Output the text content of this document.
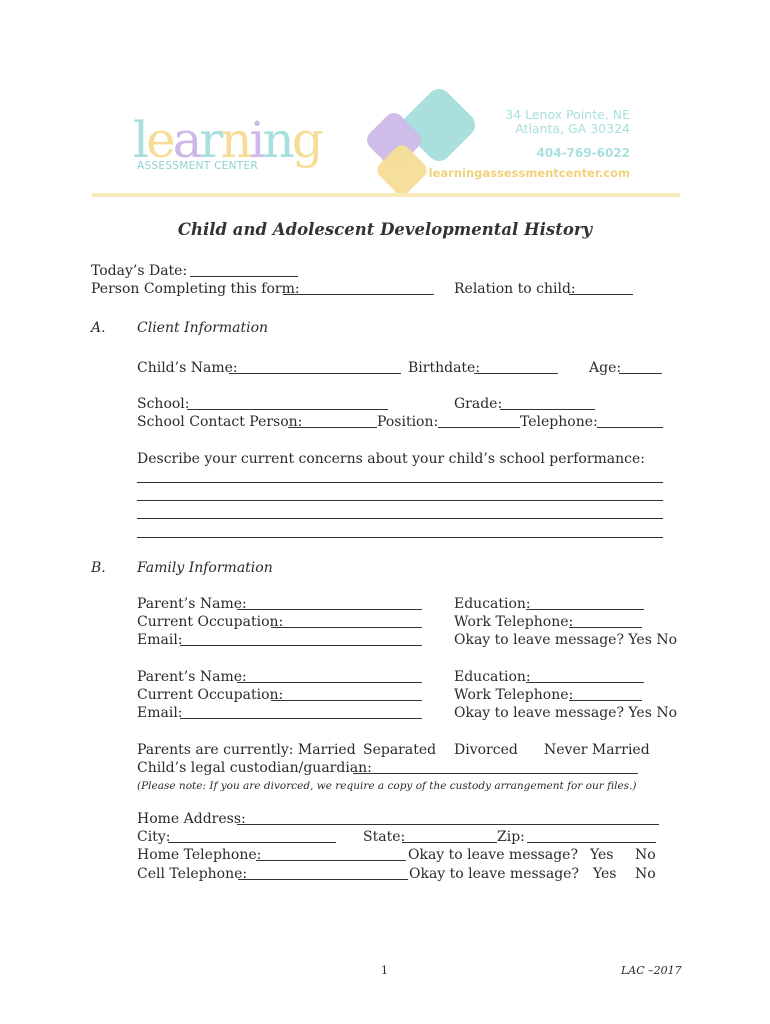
learning
ASSESSMENT CENTER
34 Lenox Pointe, NE
Atlanta, GA 30324
404-769-6022
learningassessmentcenter.com
Child and Adolescent Developmental History
Today’s Date:
Person Completing this form:	Relation to child:
A. Client Information
Child’s Name:	Birthdate:	Age:
School:	Grade:
School Contact Person:	Position:	Telephone:
Describe your current concerns about your child’s school performance:
B. Family Information
Parent’s Name:	Education:
Current Occupation:	Work Telephone:
Email:	Okay to leave message? Yes No
Parent’s Name:	Education:
Current Occupation:	Work Telephone:
Email:	Okay to leave message? Yes No
Parents are currently: Married Separated Divorced Never Married
Child’s legal custodian/guardian:
(Please note: If you are divorced, we require a copy of the custody arrangement for our files.)
Home Address:
City:	State:	Zip:
Home Telephone:	Okay to leave message? Yes No
Cell Telephone:	Okay to leave message? Yes No
1	LAC –2017
